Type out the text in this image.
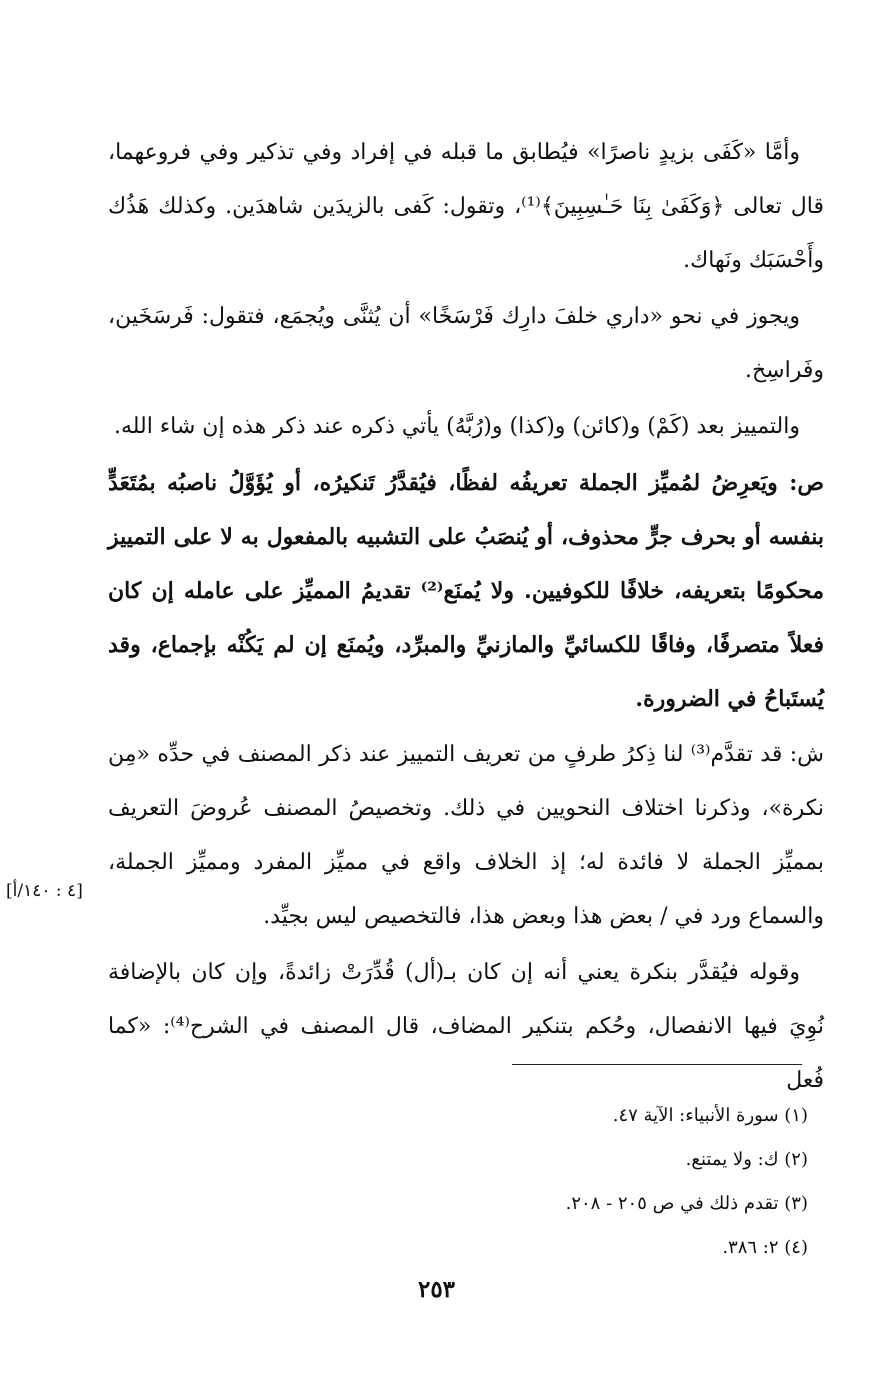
وأمَّا «كَفَى بزيدٍ ناصرًا» فيُطابق ما قبله في إفراد وفي تذكير وفي فروعهما، قال تعالى ﴿وَكَفَىٰ بِنَا حَـٰسِبِينَ﴾⁽¹⁾، وتقول: كَفى بالزيدَين شاهدَين. وكذلك هَذُك وأَحْسَبَك ونَهاك.

ويجوز في نحو «داري خلفَ دارِك فَرْسَخًا» أن يُثنَّى ويُجمَع، فتقول: فَرسَخَين، وفَراسِخ.

والتمييز بعد (كَمْ) و(كائن) و(كذا) و(رُبَّهُ) يأتي ذكره عند ذكر هذه إن شاء الله.

ص: ويَعرِضُ لمُميِّز الجملة تعريفُه لفظًا، فيُقدَّرُ تَنكيرُه، أو يُؤَوَّلُ ناصبُه بمُتَعَدٍّ بنفسه أو بحرف جرٍّ محذوف، أو يُنصَبُ على التشبيه بالمفعول به لا على التمييز محكومًا بتعريفه، خلافًا للكوفيين. ولا يُمنَع⁽²⁾ تقديمُ المميِّز على عامله إن كان فعلاً متصرفًا، وفاقًا للكسائيِّ والمازنيِّ والمبرِّد، ويُمنَع إن لم يَكُنْه بإجماع، وقد يُستَباحُ في الضرورة.

ش: قد تقدَّم⁽³⁾ لنا ذِكرُ طرفٍ من تعريف التمييز عند ذكر المصنف في حدِّه «مِن نكرة»، وذكرنا اختلاف النحويين في ذلك. وتخصيصُ المصنف عُروضَ التعريف بمميِّز الجملة لا فائدة له؛ إذ الخلاف واقع في مميِّز المفرد ومميِّز الجملة، والسماع ورد في / بعض هذا وبعض هذا، فالتخصيص ليس بجيِّد.

وقوله فيُقدَّر بنكرة يعني أنه إن كان بـ(أل) قُدِّرَتْ زائدةً، وإن كان بالإضافة نُوِيَ فيها الانفصال، وحُكم بتنكير المضاف، قال المصنف في الشرح⁽⁴⁾: «كما فُعل

[٤ : ١٤٠/أ]
(١) سورة الأنبياء: الآية ٤٧.
(٢) ك: ولا يمتنع.
(٣) تقدم ذلك في ص ٢٠٥ - ٢٠٨.
(٤) ٢: ٣٨٦.
٢٥٣
